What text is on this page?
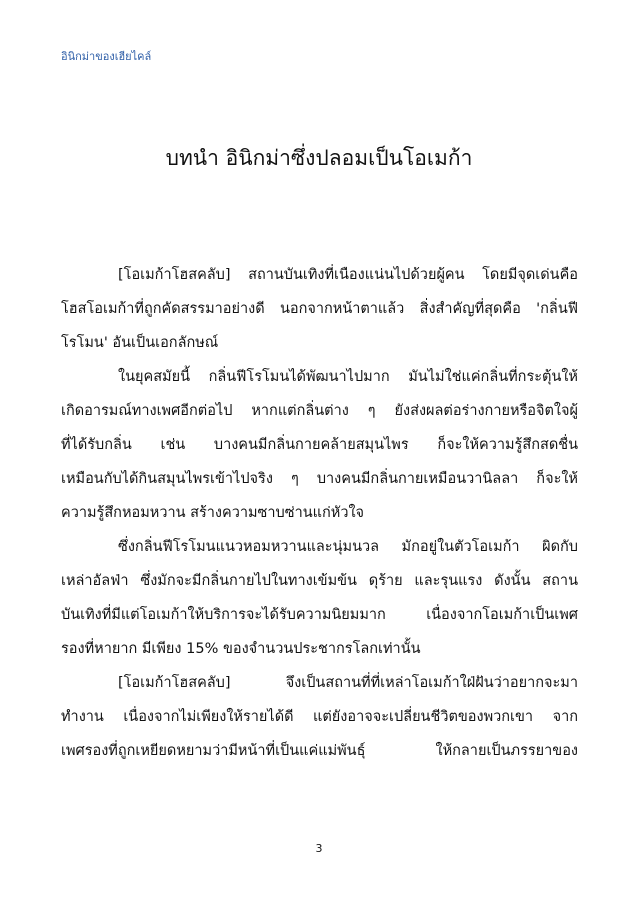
อินิกม่าของเฮียไคล์
บทนำ อินิกม่าซึ่งปลอมเป็นโอเมก้า

[โอเมก้าโฮสคลับ] สถานบันเทิงที่เนืองแน่นไปด้วยผู้คน โดยมีจุดเด่นคือ
โฮสโอเมก้าที่ถูกคัดสรรมาอย่างดี นอกจากหน้าตาแล้ว สิ่งสำคัญที่สุดคือ 'กลิ่นฟี
โรโมน' อันเป็นเอกลักษณ์

ในยุคสมัยนี้ กลิ่นฟีโรโมนได้พัฒนาไปมาก มันไม่ใช่แค่กลิ่นที่กระตุ้นให้
เกิดอารมณ์ทางเพศอีกต่อไป หากแต่กลิ่นต่าง ๆ ยังส่งผลต่อร่างกายหรือจิตใจผู้
ที่ได้รับกลิ่น เช่น บางคนมีกลิ่นกายคล้ายสมุนไพร ก็จะให้ความรู้สึกสดชื่น
เหมือนกับได้กินสมุนไพรเข้าไปจริง ๆ บางคนมีกลิ่นกายเหมือนวานิลลา ก็จะให้
ความรู้สึกหอมหวาน สร้างความซาบซ่านแก่หัวใจ

ซึ่งกลิ่นฟีโรโมนแนวหอมหวานและนุ่มนวล มักอยู่ในตัวโอเมก้า ผิดกับ
เหล่าอัลฟ่า ซึ่งมักจะมีกลิ่นกายไปในทางเข้มข้น ดุร้าย และรุนแรง ดังนั้น สถาน
บันเทิงที่มีแต่โอเมก้าให้บริการจะได้รับความนิยมมาก เนื่องจากโอเมก้าเป็นเพศ
รองที่หายาก มีเพียง 15% ของจำนวนประชากรโลกเท่านั้น

[โอเมก้าโฮสคลับ] จึงเป็นสถานที่ที่เหล่าโอเมก้าใฝ่ฝันว่าอยากจะมา
ทำงาน เนื่องจากไม่เพียงให้รายได้ดี แต่ยังอาจจะเปลี่ยนชีวิตของพวกเขา จาก
เพศรองที่ถูกเหยียดหยามว่ามีหน้าที่เป็นแค่แม่พันธุ์ ให้กลายเป็นภรรยาของ

3
